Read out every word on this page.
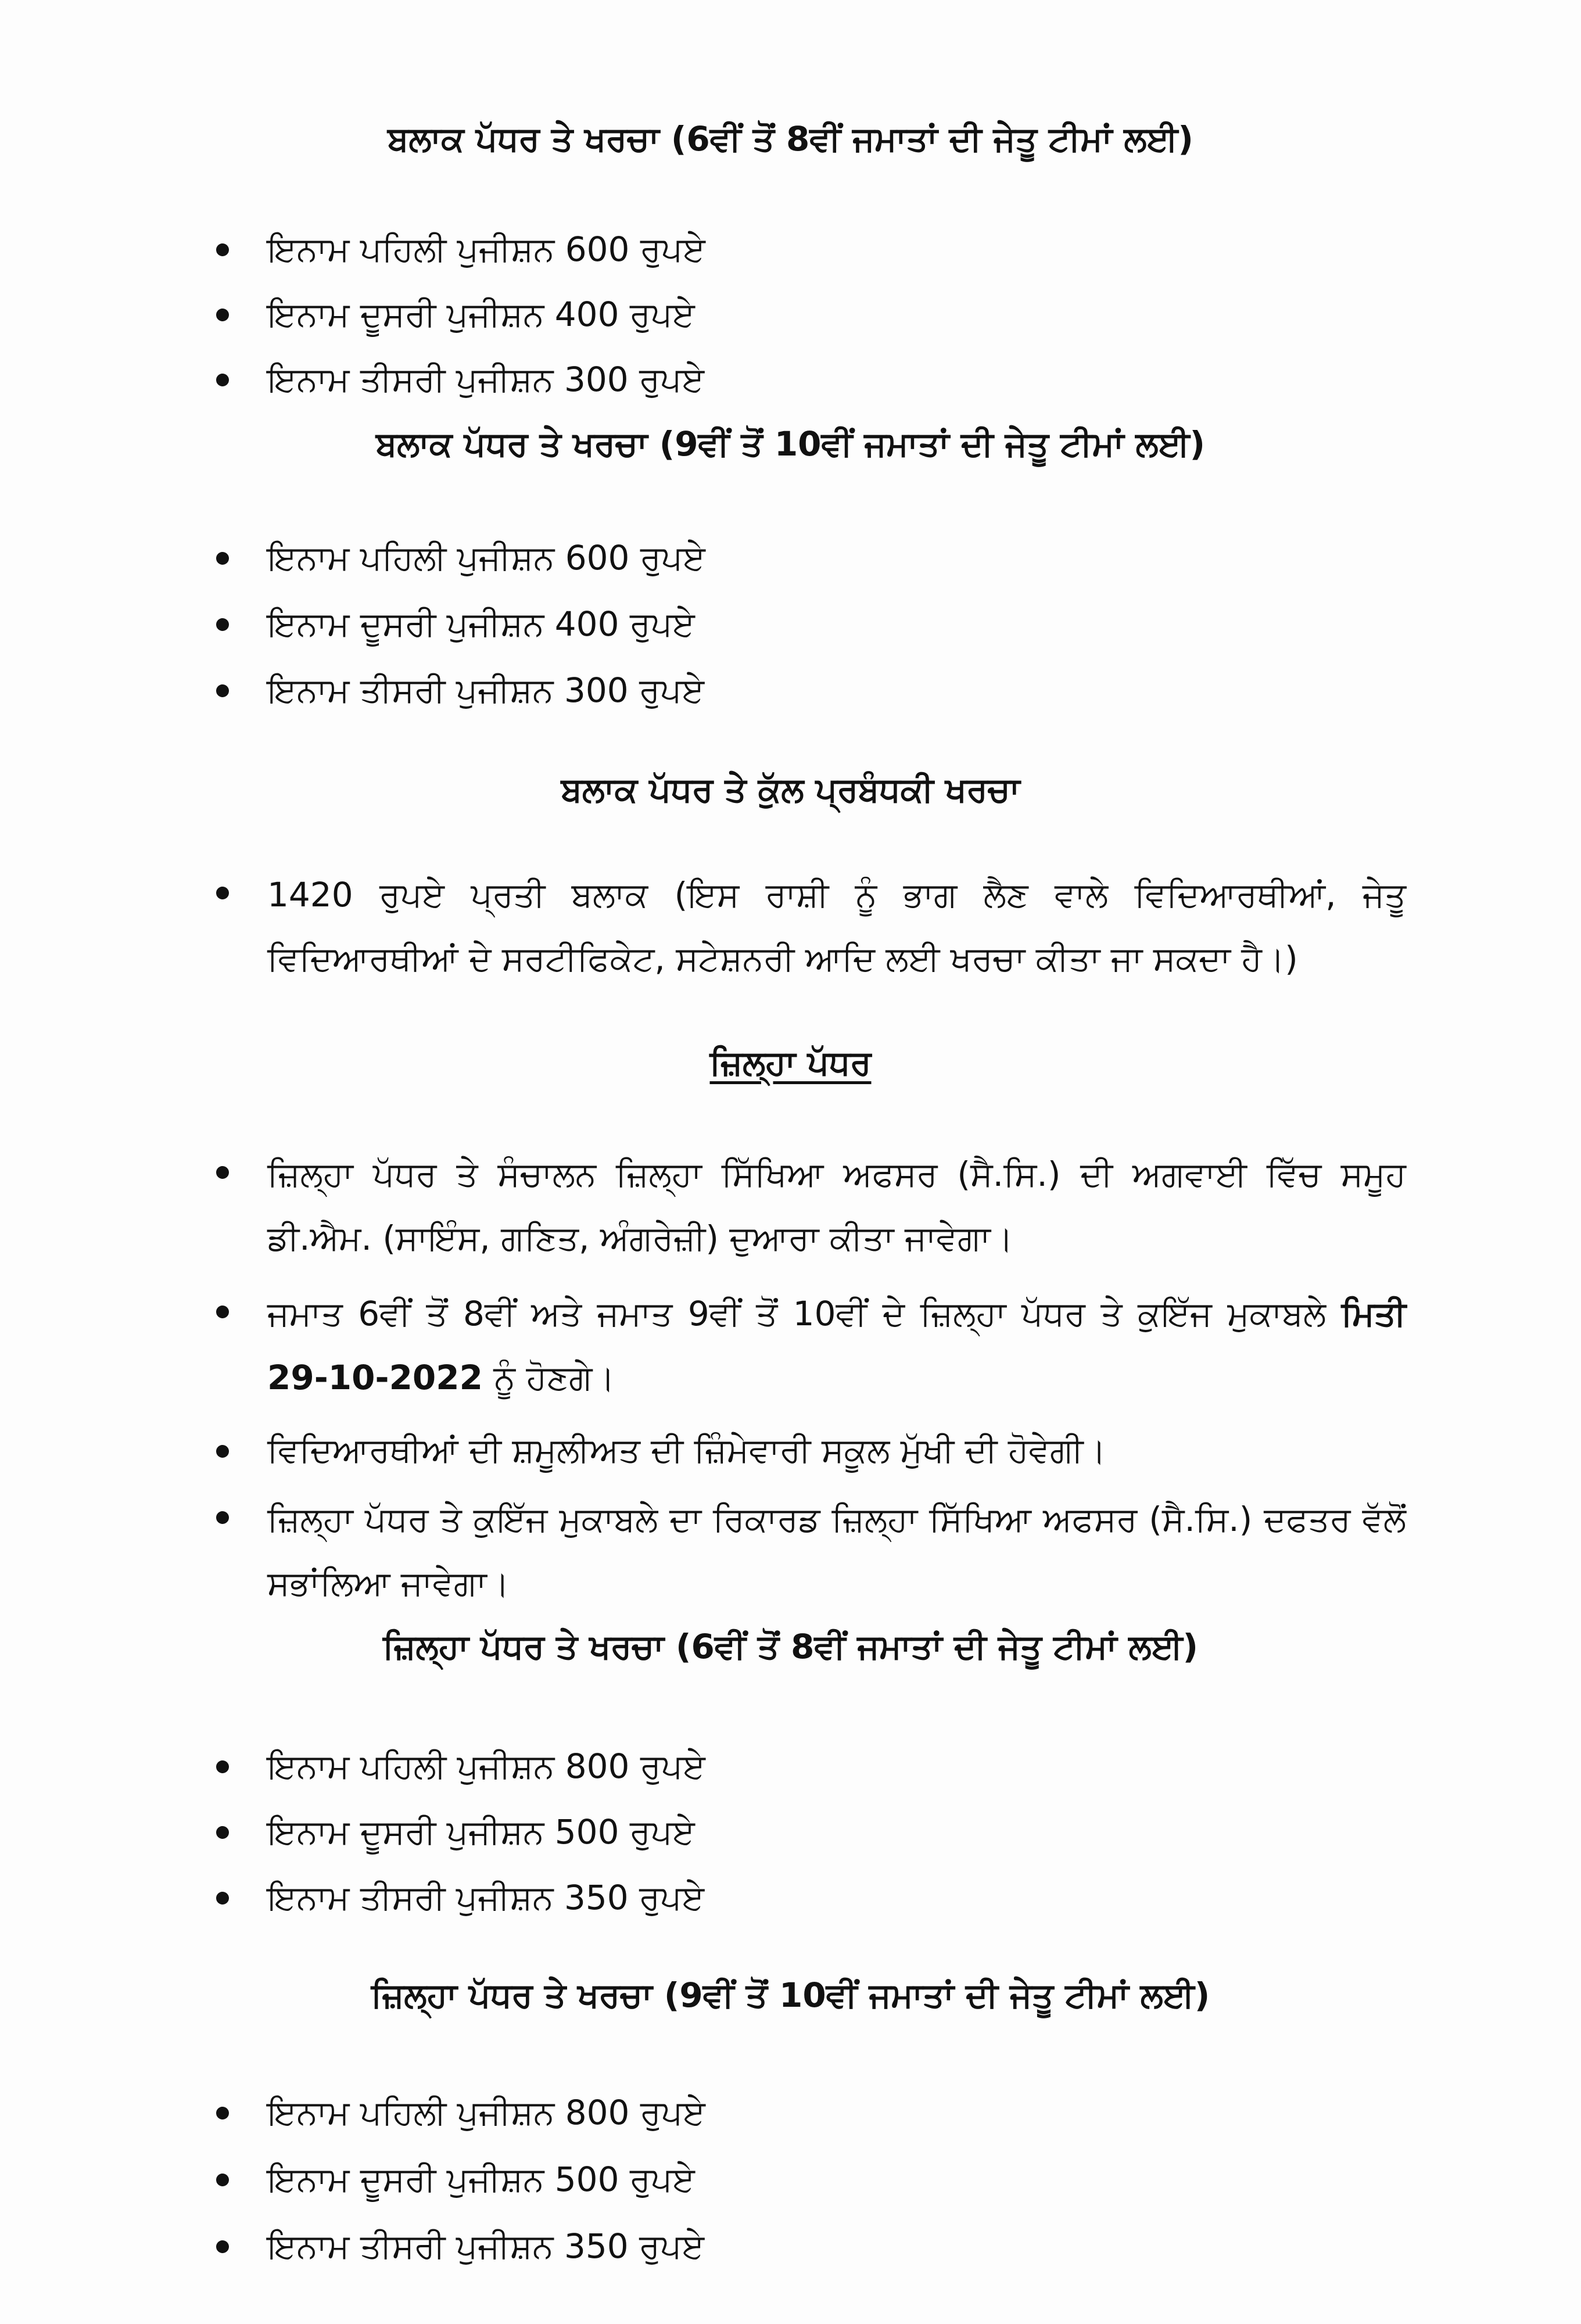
ਬਲਾਕ ਪੱਧਰ ਤੇ ਖਰਚਾ (6ਵੀਂ ਤੋਂ 8ਵੀਂ ਜਮਾਤਾਂ ਦੀ ਜੇਤੂ ਟੀਮਾਂ ਲਈ)
ਇਨਾਮ ਪਹਿਲੀ ਪੁਜੀਸ਼ਨ 600 ਰੁਪਏ
ਇਨਾਮ ਦੂਸਰੀ ਪੁਜੀਸ਼ਨ 400 ਰੁਪਏ
ਇਨਾਮ ਤੀਸਰੀ ਪੁਜੀਸ਼ਨ 300 ਰੁਪਏ
ਬਲਾਕ ਪੱਧਰ ਤੇ ਖਰਚਾ (9ਵੀਂ ਤੋਂ 10ਵੀਂ ਜਮਾਤਾਂ ਦੀ ਜੇਤੂ ਟੀਮਾਂ ਲਈ)
ਇਨਾਮ ਪਹਿਲੀ ਪੁਜੀਸ਼ਨ 600 ਰੁਪਏ
ਇਨਾਮ ਦੂਸਰੀ ਪੁਜੀਸ਼ਨ 400 ਰੁਪਏ
ਇਨਾਮ ਤੀਸਰੀ ਪੁਜੀਸ਼ਨ 300 ਰੁਪਏ
ਬਲਾਕ ਪੱਧਰ ਤੇ ਕੁੱਲ ਪ੍ਰਬੰਧਕੀ ਖਰਚਾ
1420 ਰੁਪਏ ਪ੍ਰਤੀ ਬਲਾਕ (ਇਸ ਰਾਸ਼ੀ ਨੂੰ ਭਾਗ ਲੈਣ ਵਾਲੇ ਵਿਦਿਆਰਥੀਆਂ, ਜੇਤੂ ਵਿਦਿਆਰਥੀਆਂ ਦੇ ਸਰਟੀਫਿਕੇਟ, ਸਟੇਸ਼ਨਰੀ ਆਦਿ ਲਈ ਖਰਚਾ ਕੀਤਾ ਜਾ ਸਕਦਾ ਹੈ।)
ਜ਼ਿਲ੍ਹਾ ਪੱਧਰ
ਜ਼ਿਲ੍ਹਾ ਪੱਧਰ ਤੇ ਸੰਚਾਲਨ ਜ਼ਿਲ੍ਹਾ ਸਿੱਖਿਆ ਅਫਸਰ (ਸੈ.ਸਿ.) ਦੀ ਅਗਵਾਈ ਵਿੱਚ ਸਮੂਹ ਡੀ.ਐਮ. (ਸਾਇੰਸ, ਗਣਿਤ, ਅੰਗਰੇਜ਼ੀ) ਦੁਆਰਾ ਕੀਤਾ ਜਾਵੇਗਾ।
ਜਮਾਤ 6ਵੀਂ ਤੋਂ 8ਵੀਂ ਅਤੇ ਜਮਾਤ 9ਵੀਂ ਤੋਂ 10ਵੀਂ ਦੇ ਜ਼ਿਲ੍ਹਾ ਪੱਧਰ ਤੇ ਕੁਇੱਜ ਮੁਕਾਬਲੇ ਮਿਤੀ 29-10-2022 ਨੂੰ ਹੋਣਗੇ।
ਵਿਦਿਆਰਥੀਆਂ ਦੀ ਸ਼ਮੂਲੀਅਤ ਦੀ ਜ਼ਿੰਮੇਵਾਰੀ ਸਕੂਲ ਮੁੱਖੀ ਦੀ ਹੋਵੇਗੀ।
ਜ਼ਿਲ੍ਹਾ ਪੱਧਰ ਤੇ ਕੁਇੱਜ ਮੁਕਾਬਲੇ ਦਾ ਰਿਕਾਰਡ ਜ਼ਿਲ੍ਹਾ ਸਿੱਖਿਆ ਅਫਸਰ (ਸੈ.ਸਿ.) ਦਫਤਰ ਵੱਲੋਂ ਸਭਾਂਲਿਆ ਜਾਵੇਗਾ।
ਜ਼ਿਲ੍ਹਾ ਪੱਧਰ ਤੇ ਖਰਚਾ (6ਵੀਂ ਤੋਂ 8ਵੀਂ ਜਮਾਤਾਂ ਦੀ ਜੇਤੂ ਟੀਮਾਂ ਲਈ)
ਇਨਾਮ ਪਹਿਲੀ ਪੁਜੀਸ਼ਨ 800 ਰੁਪਏ
ਇਨਾਮ ਦੂਸਰੀ ਪੁਜੀਸ਼ਨ 500 ਰੁਪਏ
ਇਨਾਮ ਤੀਸਰੀ ਪੁਜੀਸ਼ਨ 350 ਰੁਪਏ
ਜ਼ਿਲ੍ਹਾ ਪੱਧਰ ਤੇ ਖਰਚਾ (9ਵੀਂ ਤੋਂ 10ਵੀਂ ਜਮਾਤਾਂ ਦੀ ਜੇਤੂ ਟੀਮਾਂ ਲਈ)
ਇਨਾਮ ਪਹਿਲੀ ਪੁਜੀਸ਼ਨ 800 ਰੁਪਏ
ਇਨਾਮ ਦੂਸਰੀ ਪੁਜੀਸ਼ਨ 500 ਰੁਪਏ
ਇਨਾਮ ਤੀਸਰੀ ਪੁਜੀਸ਼ਨ 350 ਰੁਪਏ
